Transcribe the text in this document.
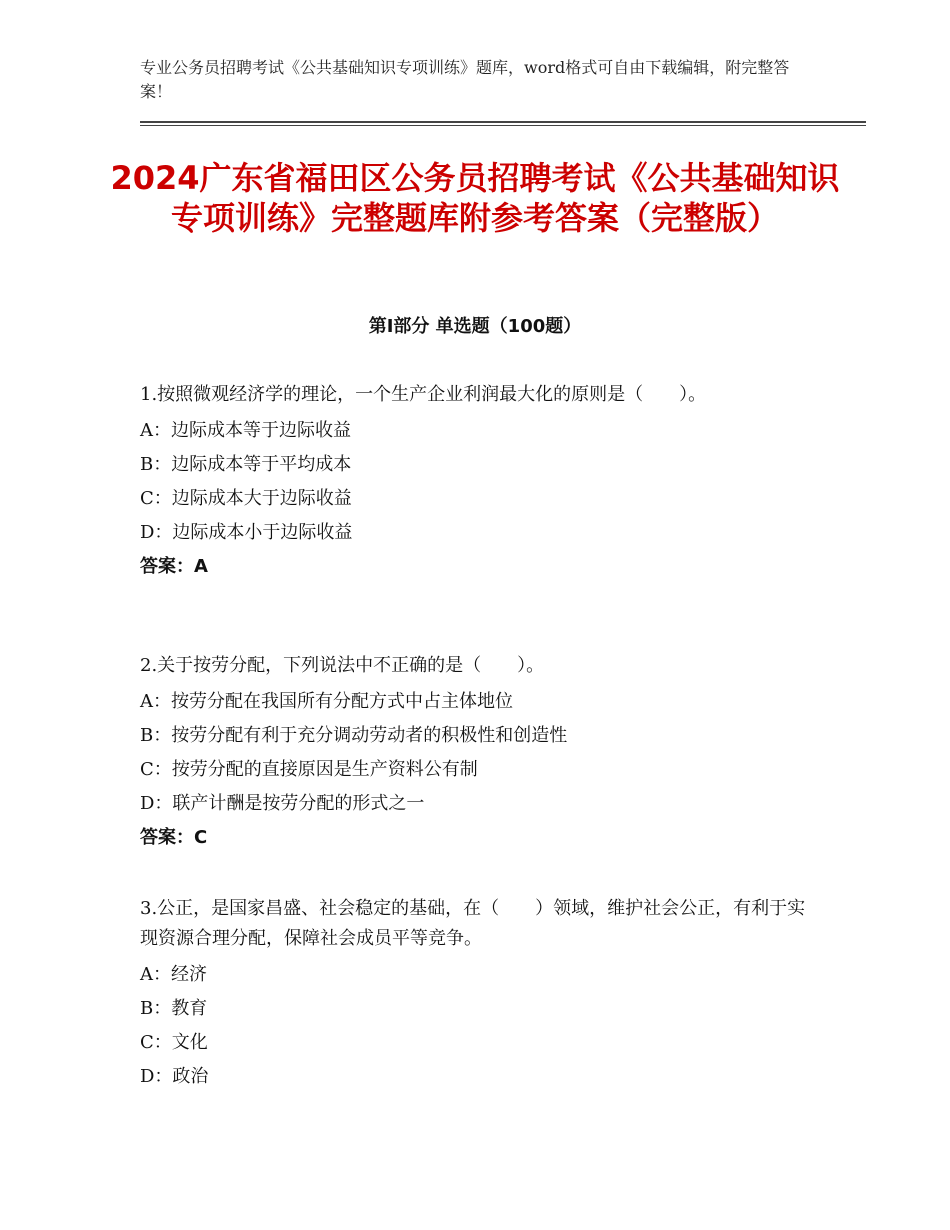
专业公务员招聘考试《公共基础知识专项训练》题库，word格式可自由下载编辑，附完整答案！
2024广东省福田区公务员招聘考试《公共基础知识专项训练》完整题库附参考答案（完整版）
第Ⅰ部分 单选题（100题）
1.按照微观经济学的理论，一个生产企业利润最大化的原则是（　　）。
A：边际成本等于边际收益
B：边际成本等于平均成本
C：边际成本大于边际收益
D：边际成本小于边际收益
答案：A
2.关于按劳分配，下列说法中不正确的是（　　）。
A：按劳分配在我国所有分配方式中占主体地位
B：按劳分配有利于充分调动劳动者的积极性和创造性
C：按劳分配的直接原因是生产资料公有制
D：联产计酬是按劳分配的形式之一
答案：C
3.公正，是国家昌盛、社会稳定的基础，在（　　）领域，维护社会公正，有利于实现资源合理分配，保障社会成员平等竞争。
A：经济
B：教育
C：文化
D：政治
